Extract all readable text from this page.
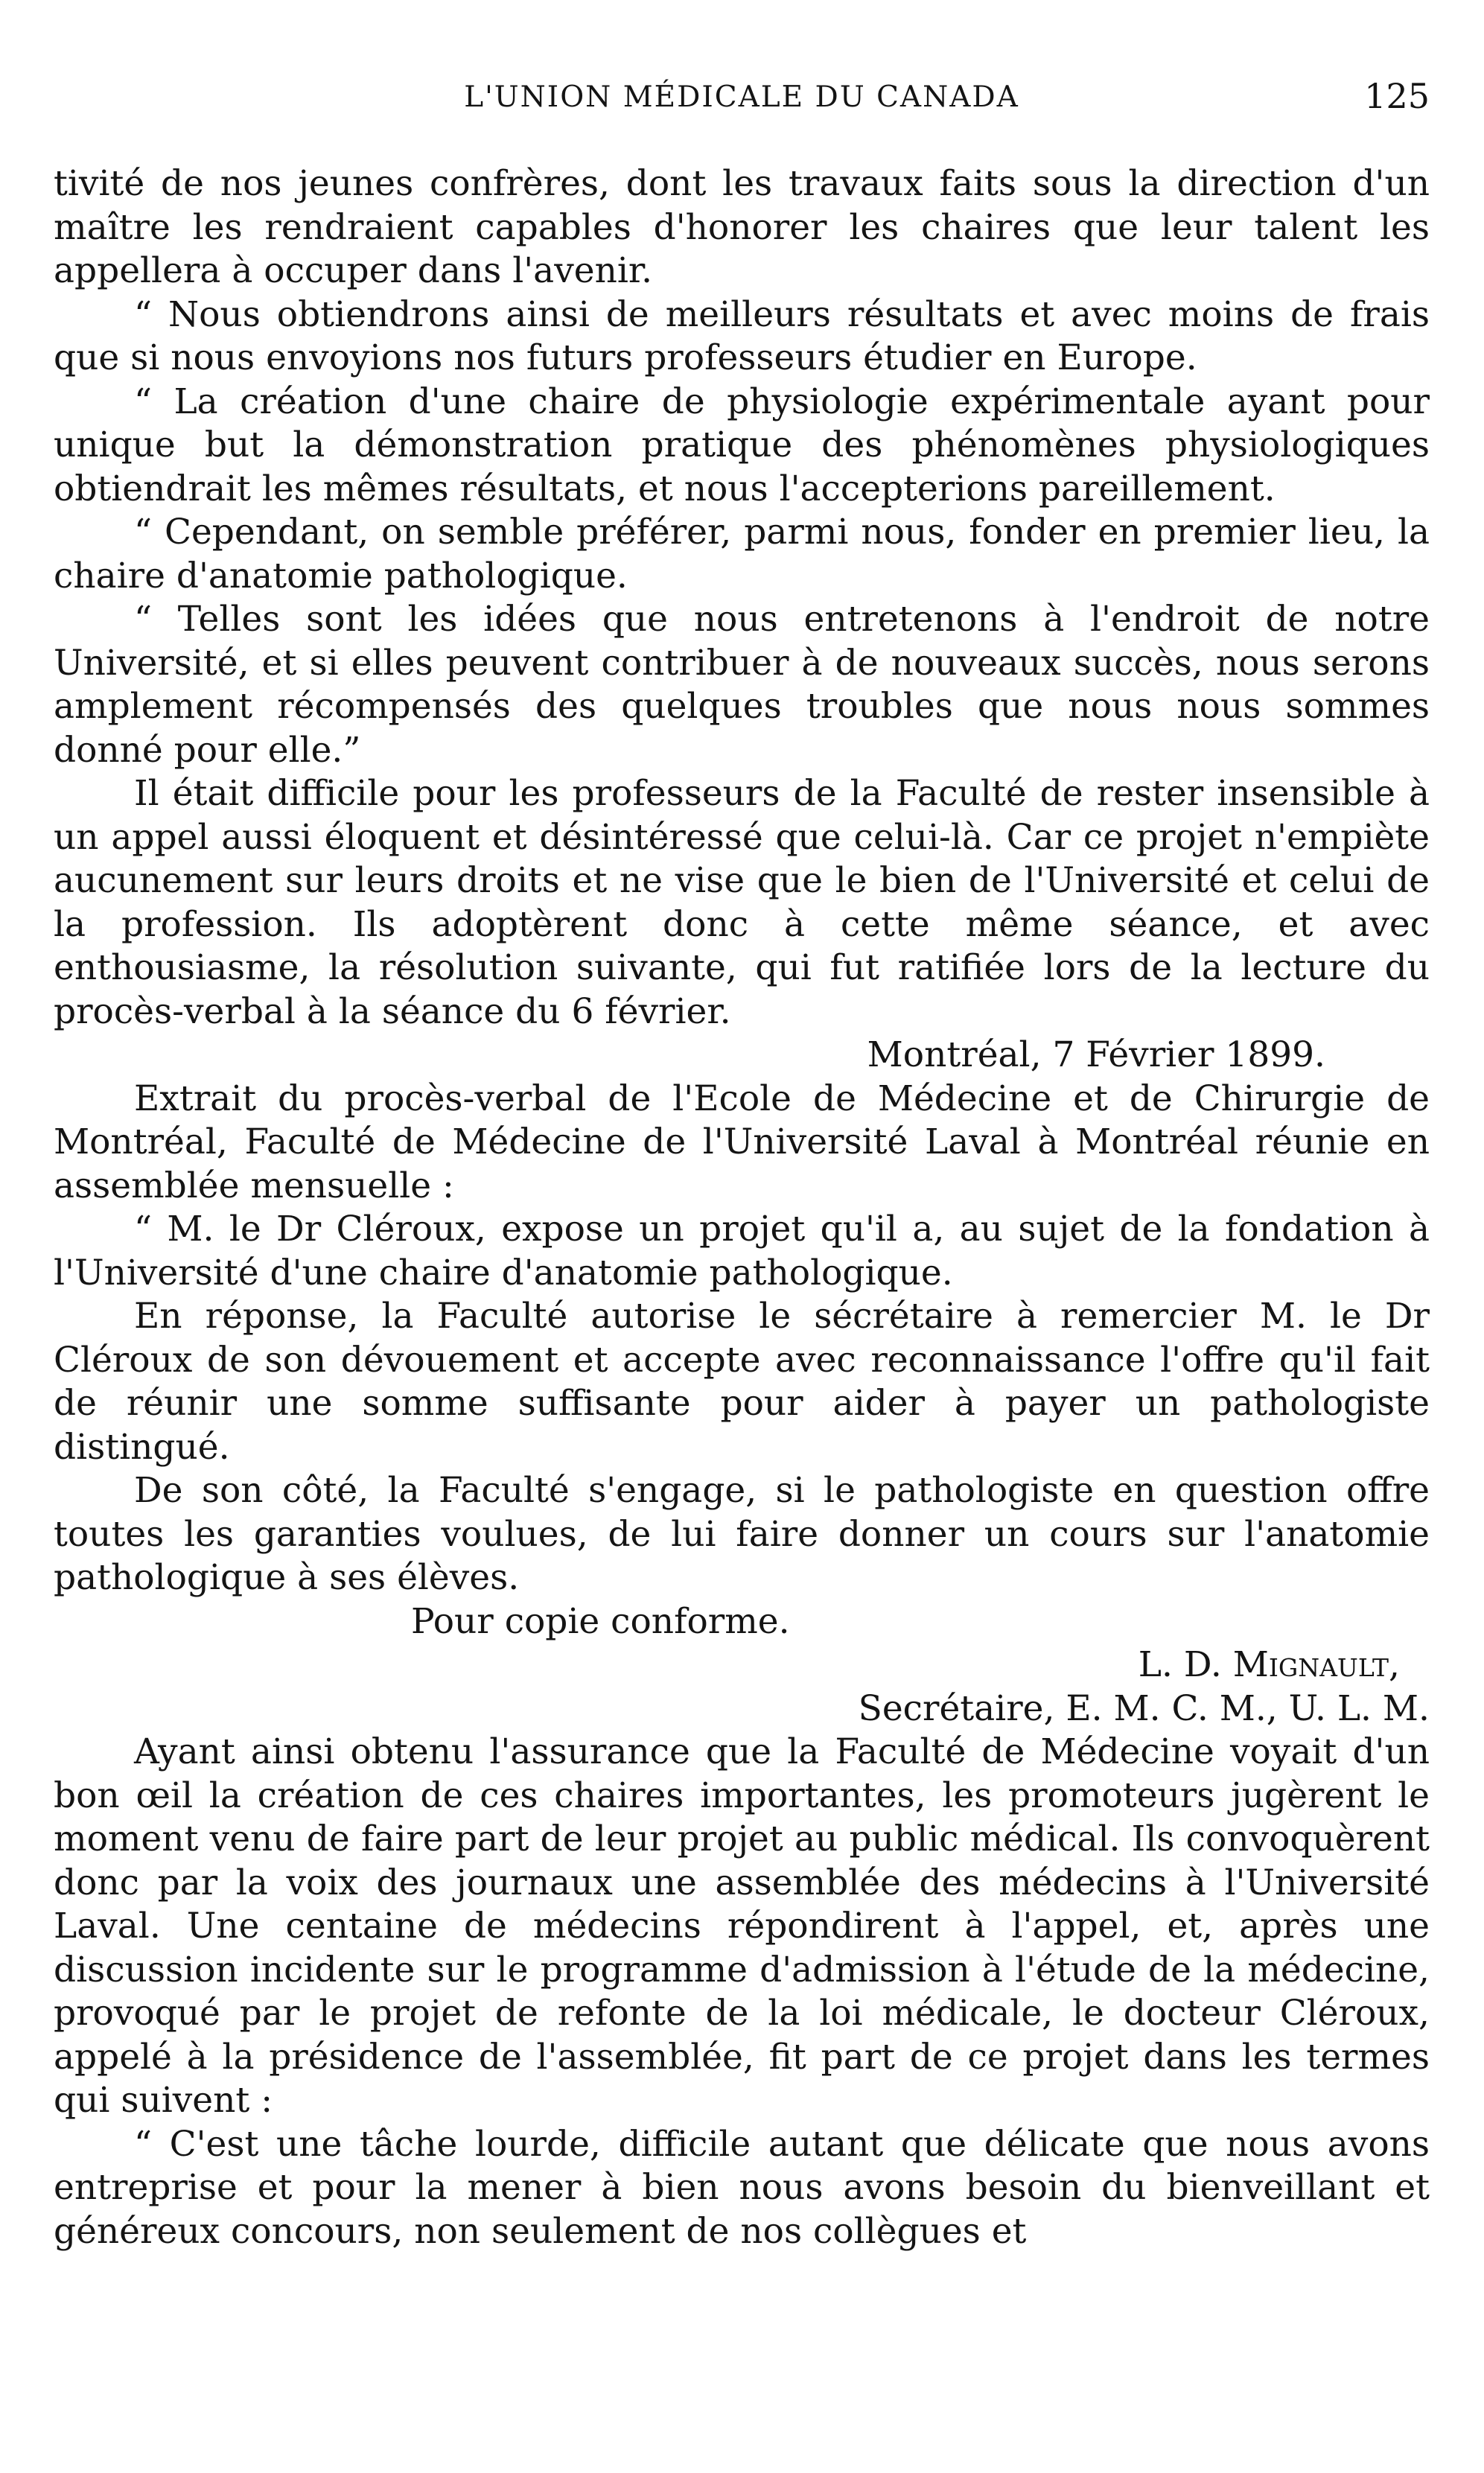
L'UNION MÉDICALE DU CANADA	125

tivité de nos jeunes confrères, dont les travaux faits sous la direction d'un maître les rendraient capables d'honorer les chaires que leur talent les appellera à occuper dans l'avenir.

“ Nous obtiendrons ainsi de meilleurs résultats et avec moins de frais que si nous envoyions nos futurs professeurs étudier en Europe.

“ La création d'une chaire de physiologie expérimentale ayant pour unique but la démonstration pratique des phénomènes physiologiques obtiendrait les mêmes résultats, et nous l'accepterions pareillement.

“ Cependant, on semble préférer, parmi nous, fonder en premier lieu, la chaire d'anatomie pathologique.

“ Telles sont les idées que nous entretenons à l'endroit de notre Université, et si elles peuvent contribuer à de nouveaux succès, nous serons amplement récompensés des quelques troubles que nous nous sommes donné pour elle.”

Il était difficile pour les professeurs de la Faculté de rester insensible à un appel aussi éloquent et désintéressé que celui-là. Car ce projet n'empiète aucunement sur leurs droits et ne vise que le bien de l'Université et celui de la profession. Ils adoptèrent donc à cette même séance, et avec enthousiasme, la résolution suivante, qui fut ratifiée lors de la lecture du procès-verbal à la séance du 6 février.

Montréal, 7 Février 1899.

Extrait du procès-verbal de l'Ecole de Médecine et de Chirurgie de Montréal, Faculté de Médecine de l'Université Laval à Montréal réunie en assemblée mensuelle :

“ M. le Dr Cléroux, expose un projet qu'il a, au sujet de la fondation à l'Université d'une chaire d'anatomie pathologique.

En réponse, la Faculté autorise le sécrétaire à remercier M. le Dr Cléroux de son dévouement et accepte avec reconnaissance l'offre qu'il fait de réunir une somme suffisante pour aider à payer un pathologiste distingué.

De son côté, la Faculté s'engage, si le pathologiste en question offre toutes les garanties voulues, de lui faire donner un cours sur l'anatomie pathologique à ses élèves.

Pour copie conforme.

L. D. Mignault,

Secrétaire, E. M. C. M., U. L. M.

Ayant ainsi obtenu l'assurance que la Faculté de Médecine voyait d'un bon œil la création de ces chaires importantes, les promoteurs jugèrent le moment venu de faire part de leur projet au public médical. Ils convoquèrent donc par la voix des journaux une assemblée des médecins à l'Université Laval. Une centaine de médecins répondirent à l'appel, et, après une discussion incidente sur le programme d'admission à l'étude de la médecine, provoqué par le projet de refonte de la loi médicale, le docteur Cléroux, appelé à la présidence de l'assemblée, fit part de ce projet dans les termes qui suivent :

“ C'est une tâche lourde, difficile autant que délicate que nous avons entreprise et pour la mener à bien nous avons besoin du bienveillant et généreux concours, non seulement de nos collègues et
